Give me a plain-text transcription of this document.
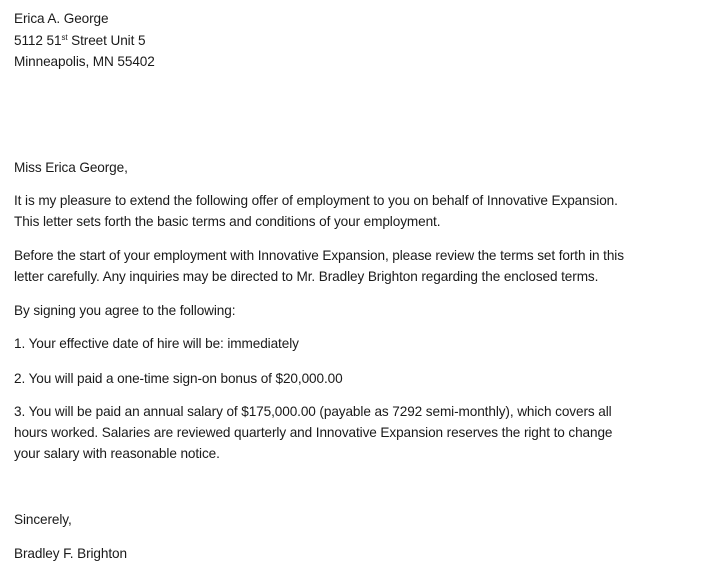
Erica A. George
5112 51st Street Unit 5
Minneapolis, MN 55402
Miss Erica George,
It is my pleasure to extend the following offer of employment to you on behalf of Innovative Expansion.
This letter sets forth the basic terms and conditions of your employment.
Before the start of your employment with Innovative Expansion, please review the terms set forth in this
letter carefully. Any inquiries may be directed to Mr. Bradley Brighton regarding the enclosed terms.
By signing you agree to the following:
1. Your effective date of hire will be: immediately
2. You will paid a one-time sign-on bonus of $20,000.00
3. You will be paid an annual salary of $175,000.00 (payable as 7292 semi-monthly), which covers all
hours worked. Salaries are reviewed quarterly and Innovative Expansion reserves the right to change
your salary with reasonable notice.
Sincerely,
Bradley F. Brighton
